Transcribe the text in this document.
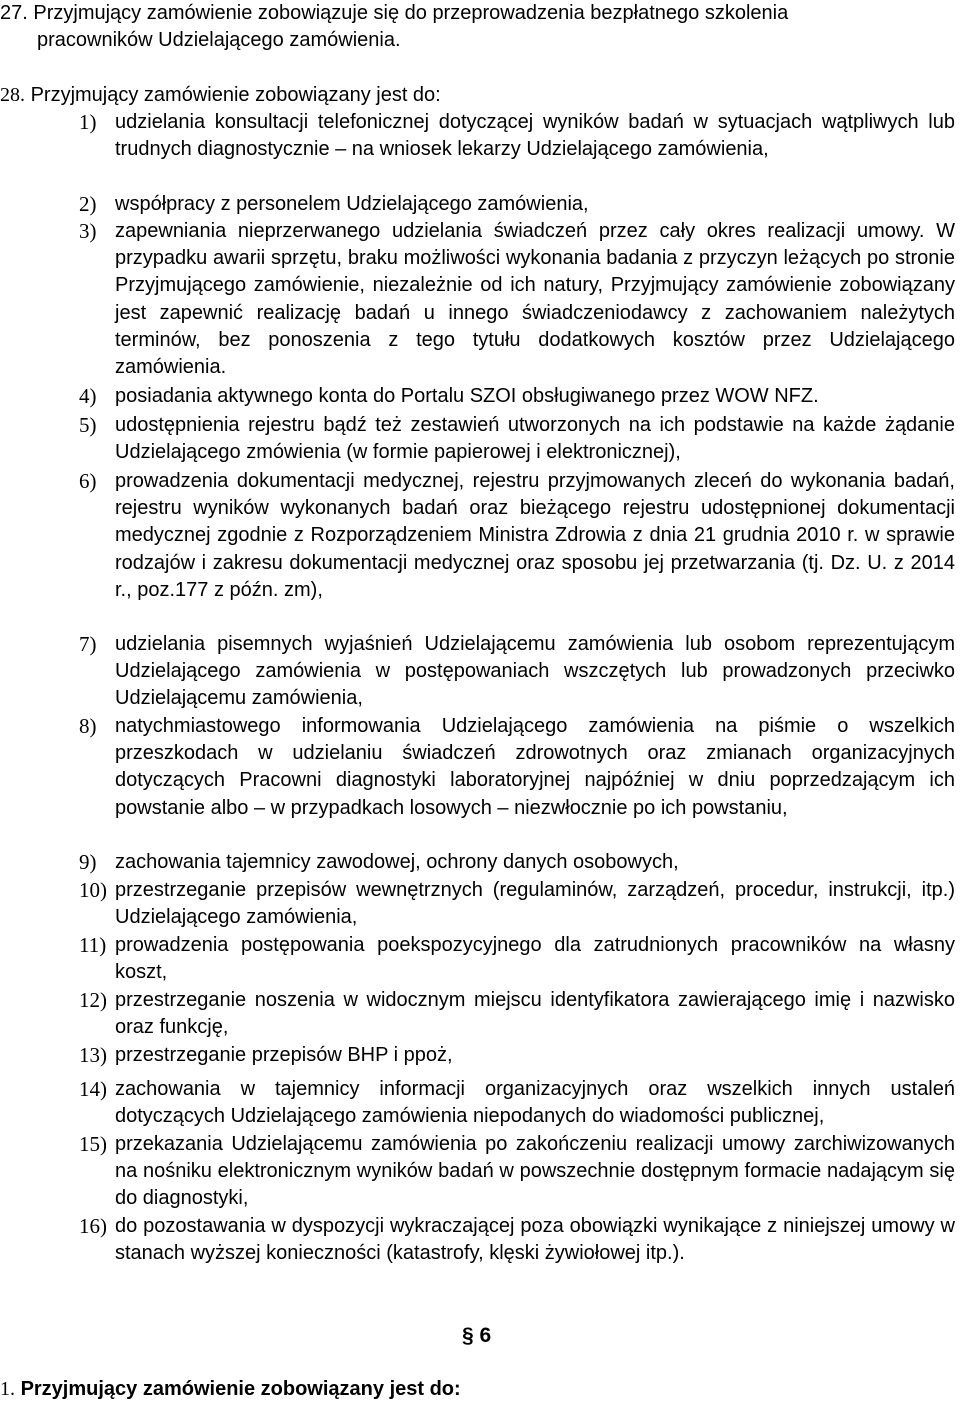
27. Przyjmujący zamówienie zobowiązuje się do przeprowadzenia bezpłatnego szkolenia
pracowników Udzielającego zamówienia.
28. Przyjmujący zamówienie zobowiązany jest do:
1) udzielania konsultacji telefonicznej dotyczącej wyników badań w sytuacjach wątpliwych lub trudnych diagnostycznie – na wniosek lekarzy Udzielającego zamówienia,
2) współpracy z personelem Udzielającego zamówienia,
3) zapewniania nieprzerwanego udzielania świadczeń przez cały okres realizacji umowy. W przypadku awarii sprzętu, braku możliwości wykonania badania z przyczyn leżących po stronie Przyjmującego zamówienie, niezależnie od ich natury, Przyjmujący zamówienie zobowiązany jest zapewnić realizację badań u innego świadczeniodawcy z zachowaniem należytych terminów, bez ponoszenia z tego tytułu dodatkowych kosztów przez Udzielającego zamówienia.
4) posiadania aktywnego konta do Portalu SZOI obsługiwanego przez WOW NFZ.
5) udostępnienia rejestru bądź też zestawień utworzonych na ich podstawie na każde żądanie Udzielającego zmówienia (w formie papierowej i elektronicznej),
6) prowadzenia dokumentacji medycznej, rejestru przyjmowanych zleceń do wykonania badań, rejestru wyników wykonanych badań oraz bieżącego rejestru udostępnionej dokumentacji medycznej zgodnie z Rozporządzeniem Ministra Zdrowia z dnia 21 grudnia 2010 r. w sprawie rodzajów i zakresu dokumentacji medycznej oraz sposobu jej przetwarzania (tj. Dz. U. z 2014 r., poz.177 z późn. zm),
7) udzielania pisemnych wyjaśnień Udzielającemu zamówienia lub osobom reprezentującym Udzielającego zamówienia w postępowaniach wszczętych lub prowadzonych przeciwko Udzielającemu zamówienia,
8) natychmiastowego informowania Udzielającego zamówienia na piśmie o wszelkich przeszkodach w udzielaniu świadczeń zdrowotnych oraz zmianach organizacyjnych dotyczących Pracowni diagnostyki laboratoryjnej najpóźniej w dniu poprzedzającym ich powstanie albo – w przypadkach losowych – niezwłocznie po ich powstaniu,
9) zachowania tajemnicy zawodowej, ochrony danych osobowych,
10) przestrzeganie przepisów wewnętrznych (regulaminów, zarządzeń, procedur, instrukcji, itp.) Udzielającego zamówienia,
11) prowadzenia postępowania poekspozycyjnego dla zatrudnionych pracowników na własny koszt,
12) przestrzeganie noszenia w widocznym miejscu identyfikatora zawierającego imię i nazwisko oraz funkcję,
13) przestrzeganie przepisów BHP i ppoż,
14) zachowania w tajemnicy informacji organizacyjnych oraz wszelkich innych ustaleń dotyczących Udzielającego zamówienia niepodanych do wiadomości publicznej,
15) przekazania Udzielającemu zamówienia po zakończeniu realizacji umowy zarchiwizowanych na nośniku elektronicznym wyników badań w powszechnie dostępnym formacie nadającym się do diagnostyki,
16) do pozostawania w dyspozycji wykraczającej poza obowiązki wynikające z niniejszej umowy w stanach wyższej konieczności (katastrofy, klęski żywiołowej itp.).
§ 6
1. Przyjmujący zamówienie zobowiązany jest do:
